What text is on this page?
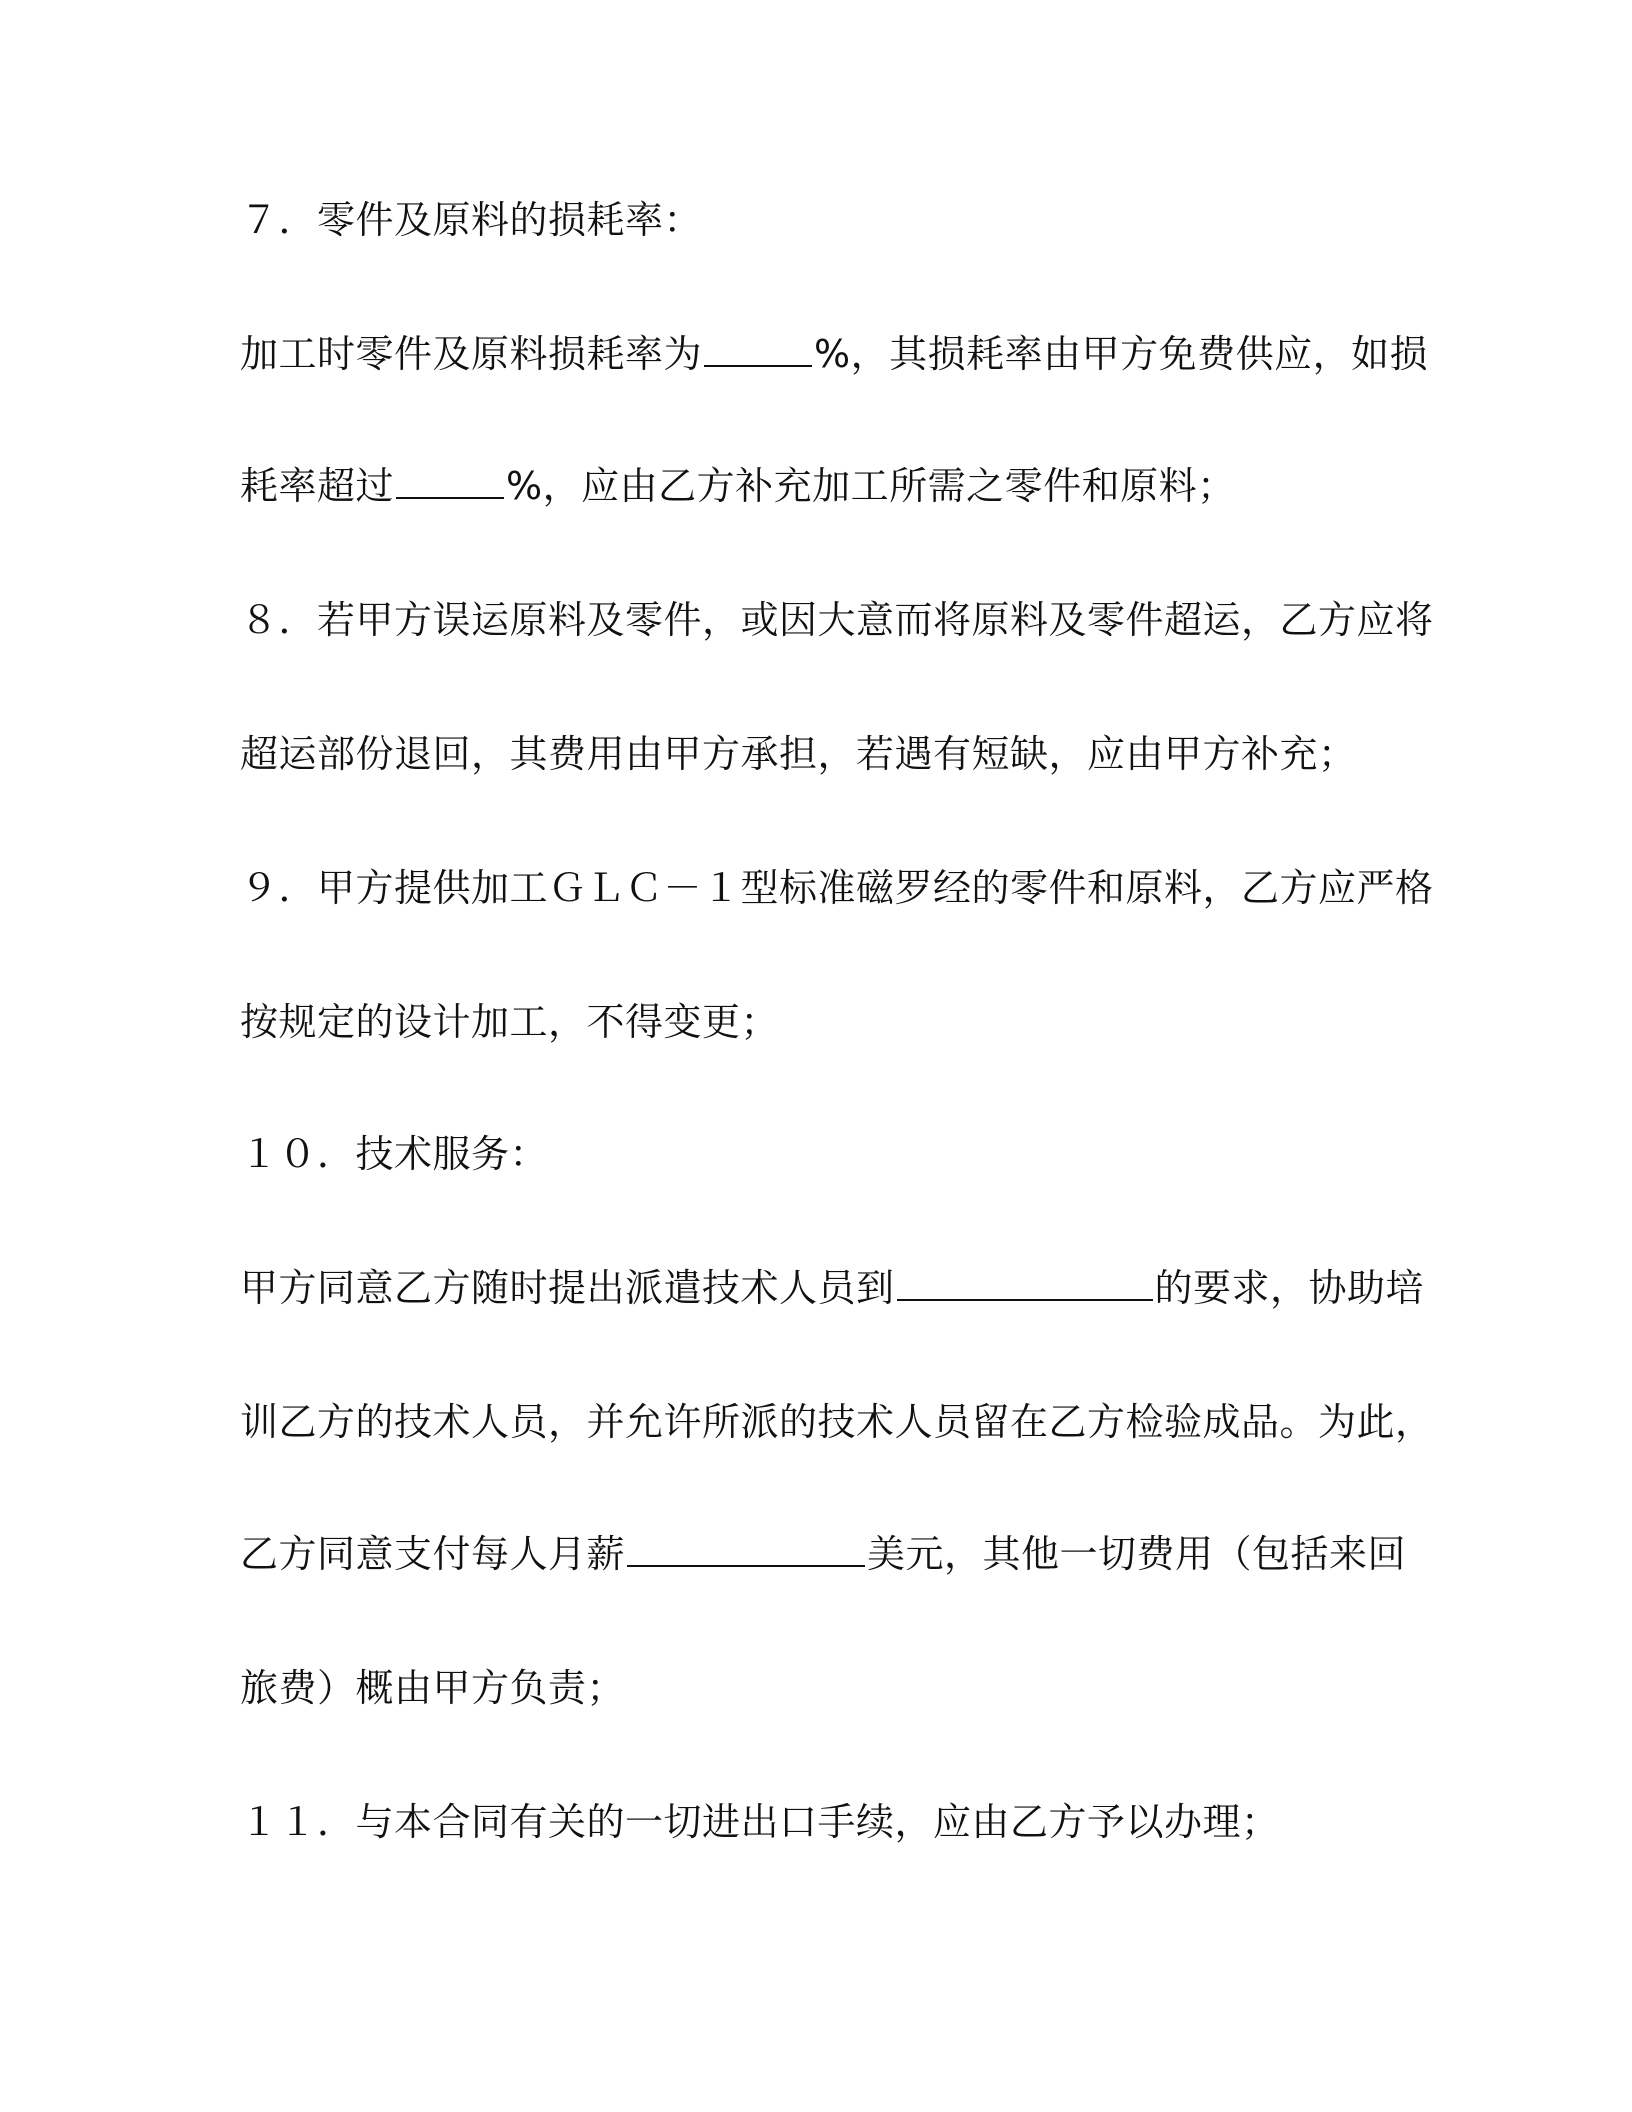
７．零件及原料的损耗率：
加工时零件及原料损耗率为	%，其损耗率由甲方免费供应，如损
耗率超过	%，应由乙方补充加工所需之零件和原料；
８．若甲方误运原料及零件，或因大意而将原料及零件超运，乙方应将
超运部份退回，其费用由甲方承担，若遇有短缺，应由甲方补充；
９．甲方提供加工ＧＬＣ－１型标准磁罗经的零件和原料，乙方应严格
按规定的设计加工，不得变更；
１０．技术服务：
甲方同意乙方随时提出派遣技术人员到	的要求，协助培
训乙方的技术人员，并允许所派的技术人员留在乙方检验成品。为此，
乙方同意支付每人月薪	美元，其他一切费用（包括来回
旅费）概由甲方负责；
１１．与本合同有关的一切进出口手续，应由乙方予以办理；
